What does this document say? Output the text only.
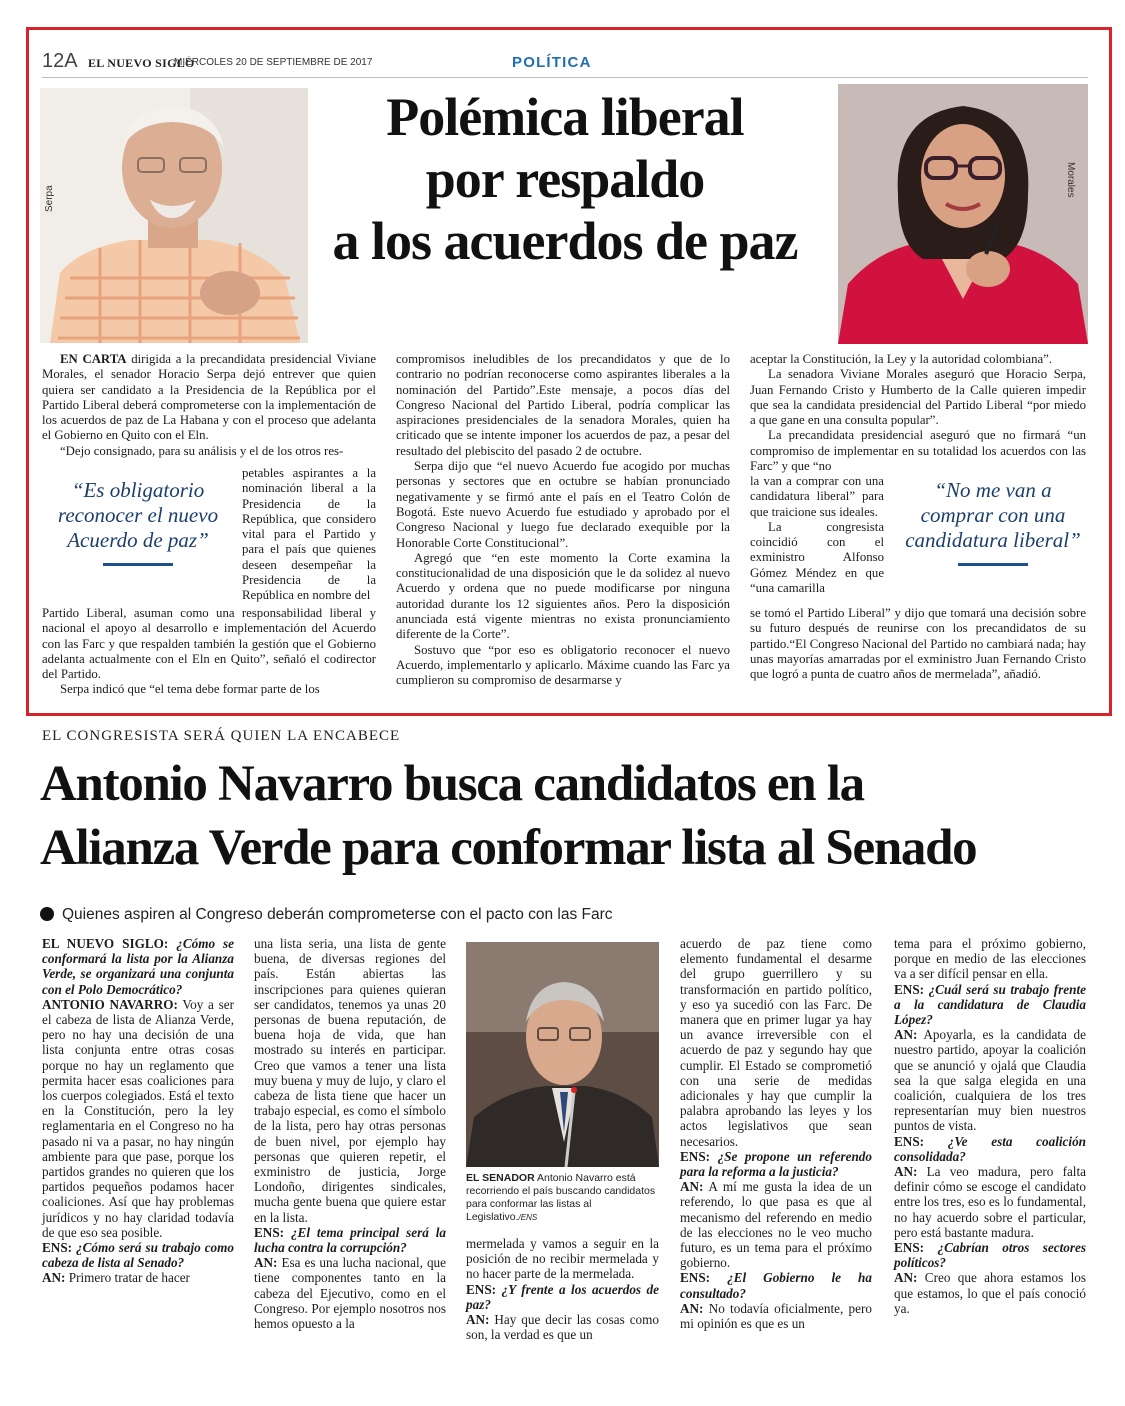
12A EL NUEVO SIGLO
MIÉRCOLES 20 DE SEPTIEMBRE DE 2017	POLÍTICA
Serpa
Morales
Polémica liberal
por respaldo
a los acuerdos de paz

EN CARTA dirigida a la precandidata presidencial Viviane Morales, el senador Horacio Serpa dejó entrever que quien quiera ser candidato a la Presidencia de la República por el Partido Liberal deberá comprometerse con la implementación de los acuerdos de paz de La Habana y con el proceso que adelanta el Gobierno en Quito con el Eln.

“Dejo consignado, para su análisis y el de los otros res-

petables aspirantes a la nominación liberal a la Presidencia de la República, que considero vital para el Partido y para el país que quienes deseen desempeñar la Presidencia de la República en nombre del

“Es obligatorio reconocer el nuevo Acuerdo de paz”

Partido Liberal, asuman como una responsabilidad liberal y nacional el apoyo al desarrollo e implementación del Acuerdo con las Farc y que respalden también la gestión que el Gobierno adelanta actualmente con el Eln en Quito”, señaló el codirector del Partido.

Serpa indicó que “el tema debe formar parte de los

compromisos ineludibles de los precandidatos y que de lo contrario no podrían reconocerse como aspirantes liberales a la nominación del Partido”.Este mensaje, a pocos días del Congreso Nacional del Partido Liberal, podría complicar las aspiraciones presidenciales de la senadora Morales, quien ha criticado que se intente imponer los acuerdos de paz, a pesar del resultado del plebiscito del pasado 2 de octubre.

Serpa dijo que “el nuevo Acuerdo fue acogido por muchas personas y sectores que en octubre se habían pronunciado negativamente y se firmó ante el país en el Teatro Colón de Bogotá. Este nuevo Acuerdo fue estudiado y aprobado por el Congreso Nacional y luego fue declarado exequible por la Honorable Corte Constitucional”.

Agregó que “en este momento la Corte examina la constitucionalidad de una disposición que le da solidez al nuevo Acuerdo y ordena que no puede modificarse por ninguna autoridad durante los 12 siguientes años. Pero la disposición anunciada está vigente mientras no exista pronunciamiento diferente de la Corte”.

Sostuvo que “por eso es obligatorio reconocer el nuevo Acuerdo, implementarlo y aplicarlo. Máxime cuando las Farc ya cumplieron su compromiso de desarmarse y

aceptar la Constitución, la Ley y la autoridad colombiana”.

La senadora Viviane Morales aseguró que Horacio Serpa, Juan Fernando Cristo y Humberto de la Calle quieren impedir que sea la candidata presidencial del Partido Liberal “por miedo a que gane en una consulta popular”.

La precandidata presidencial aseguró que no firmará “un compromiso de implementar en su totalidad los acuerdos con las Farc” y que “no

la van a comprar con una candidatura liberal” para que traicione sus ideales.

La congresista coincidió con el exministro Alfonso Gómez Méndez en que “una camarilla

“No me van a comprar con una candidatura liberal”

se tomó el Partido Liberal” y dijo que tomará una decisión sobre su futuro después de reunirse con los precandidatos de su partido.“El Congreso Nacional del Partido no cambiará nada; hay unas mayorías amarradas por el exministro Juan Fernando Cristo que logró a punta de cuatro años de mermelada”, añadió.

EL CONGRESISTA SERÁ QUIEN LA ENCABECE
Antonio Navarro busca candidatos en la
Alianza Verde para conformar lista al Senado
Quienes aspiren al Congreso deberán comprometerse con el pacto con las Farc

EL NUEVO SIGLO: ¿Cómo se conformará la lista por la Alianza Verde, se organizará una conjunta con el Polo Democrático?

ANTONIO NAVARRO: Voy a ser el cabeza de lista de Alianza Verde, pero no hay una decisión de una lista conjunta entre otras cosas porque no hay un reglamento que permita hacer esas coaliciones para los cuerpos colegiados. Está el texto en la Constitución, pero la ley reglamentaria en el Congreso no ha pasado ni va a pasar, no hay ningún ambiente para que pase, porque los partidos grandes no quieren que los partidos pequeños podamos hacer coaliciones. Así que hay problemas jurídicos y no hay claridad todavía de que eso sea posible.

ENS: ¿Cómo será su trabajo como cabeza de lista al Senado?

AN: Primero tratar de hacer

una lista seria, una lista de gente buena, de diversas regiones del país. Están abiertas las inscripciones para quienes quieran ser candidatos, tenemos ya unas 20 personas de buena reputación, de buena hoja de vida, que han mostrado su interés en participar. Creo que vamos a tener una lista muy buena y muy de lujo, y claro el cabeza de lista tiene que hacer un trabajo especial, es como el símbolo de la lista, pero hay otras personas de buen nivel, por ejemplo hay personas que quieren repetir, el exministro de justicia, Jorge Londoño, dirigentes sindicales, mucha gente buena que quiere estar en la lista.

ENS: ¿El tema principal será la lucha contra la corrupción?

AN: Esa es una lucha nacional, que tiene componentes tanto en la cabeza del Ejecutivo, como en el Congreso. Por ejemplo nosotros nos hemos opuesto a la

EL SENADOR Antonio Navarro está recorriendo el país buscando candidatos para conformar las listas al Legislativo./ENS

mermelada y vamos a seguir en la posición de no recibir mermelada y no hacer parte de la mermelada.

ENS: ¿Y frente a los acuerdos de paz?

AN: Hay que decir las cosas como son, la verdad es que un

acuerdo de paz tiene como elemento fundamental el desarme del grupo guerrillero y su transformación en partido político, y eso ya sucedió con las Farc. De manera que en primer lugar ya hay un avance irreversible con el acuerdo de paz y segundo hay que cumplir. El Estado se comprometió con una serie de medidas adicionales y hay que cumplir la palabra aprobando las leyes y los actos legislativos que sean necesarios.

ENS: ¿Se propone un referendo para la reforma a la justicia?

AN: A mí me gusta la idea de un referendo, lo que pasa es que al mecanismo del referendo en medio de las elecciones no le veo mucho futuro, es un tema para el próximo gobierno.

ENS: ¿El Gobierno le ha consultado?

AN: No todavía oficialmente, pero mi opinión es que es un

tema para el próximo gobierno, porque en medio de las elecciones va a ser difícil pensar en ella.

ENS: ¿Cuál será su trabajo frente a la candidatura de Claudia López?

AN: Apoyarla, es la candidata de nuestro partido, apoyar la coalición que se anunció y ojalá que Claudia sea la que salga elegida en una coalición, cualquiera de los tres representarían muy bien nuestros puntos de vista.

ENS: ¿Ve esta coalición consolidada?

AN: La veo madura, pero falta definir cómo se escoge el candidato entre los tres, eso es lo fundamental, no hay acuerdo sobre el particular, pero está bastante madura.

ENS: ¿Cabrían otros sectores políticos?

AN: Creo que ahora estamos los que estamos, lo que el país conoció ya.
